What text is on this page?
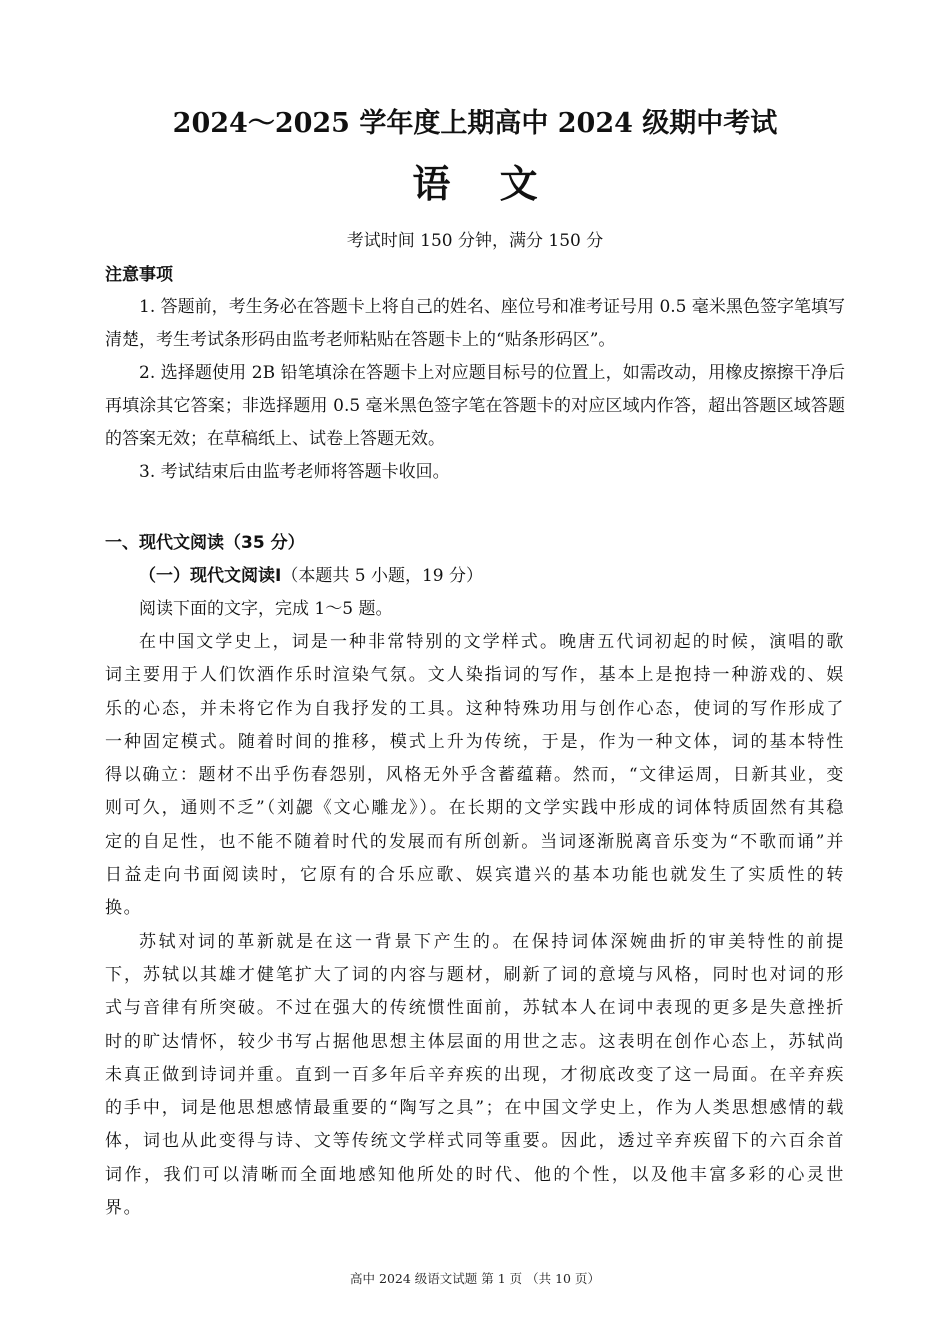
2024～2025 学年度上期高中 2024 级期中考试
语 文
考试时间 150 分钟，满分 150 分

注意事项

1. 答题前，考生务必在答题卡上将自己的姓名、座位号和准考证号用 0.5 毫米黑色签字笔填写清楚，考生考试条形码由监考老师粘贴在答题卡上的“贴条形码区”。

2. 选择题使用 2B 铅笔填涂在答题卡上对应题目标号的位置上，如需改动，用橡皮擦擦干净后再填涂其它答案；非选择题用 0.5 毫米黑色签字笔在答题卡的对应区域内作答，超出答题区域答题的答案无效；在草稿纸上、试卷上答题无效。

3. 考试结束后由监考老师将答题卡收回。

一、现代文阅读（35 分）

（一）现代文阅读Ⅰ（本题共 5 小题，19 分）

阅读下面的文字，完成 1～5 题。

在中国文学史上，词是一种非常特别的文学样式。晚唐五代词初起的时候，演唱的歌词主要用于人们饮酒作乐时渲染气氛。文人染指词的写作，基本上是抱持一种游戏的、娱乐的心态，并未将它作为自我抒发的工具。这种特殊功用与创作心态，使词的写作形成了一种固定模式。随着时间的推移，模式上升为传统，于是，作为一种文体，词的基本特性得以确立：题材不出乎伤春怨别，风格无外乎含蓄蕴藉。然而，“文律运周，日新其业，变则可久，通则不乏”（刘勰《文心雕龙》）。在长期的文学实践中形成的词体特质固然有其稳定的自足性，也不能不随着时代的发展而有所创新。当词逐渐脱离音乐变为“不歌而诵”并日益走向书面阅读时，它原有的合乐应歌、娱宾遣兴的基本功能也就发生了实质性的转换。

苏轼对词的革新就是在这一背景下产生的。在保持词体深婉曲折的审美特性的前提下，苏轼以其雄才健笔扩大了词的内容与题材，刷新了词的意境与风格，同时也对词的形式与音律有所突破。不过在强大的传统惯性面前，苏轼本人在词中表现的更多是失意挫折时的旷达情怀，较少书写占据他思想主体层面的用世之志。这表明在创作心态上，苏轼尚未真正做到诗词并重。直到一百多年后辛弃疾的出现，才彻底改变了这一局面。在辛弃疾的手中，词是他思想感情最重要的“陶写之具”；在中国文学史上，作为人类思想感情的载体，词也从此变得与诗、文等传统文学样式同等重要。因此，透过辛弃疾留下的六百余首词作，我们可以清晰而全面地感知他所处的时代、他的个性，以及他丰富多彩的心灵世界。

高中 2024 级语文试题 第 1 页 （共 10 页）
